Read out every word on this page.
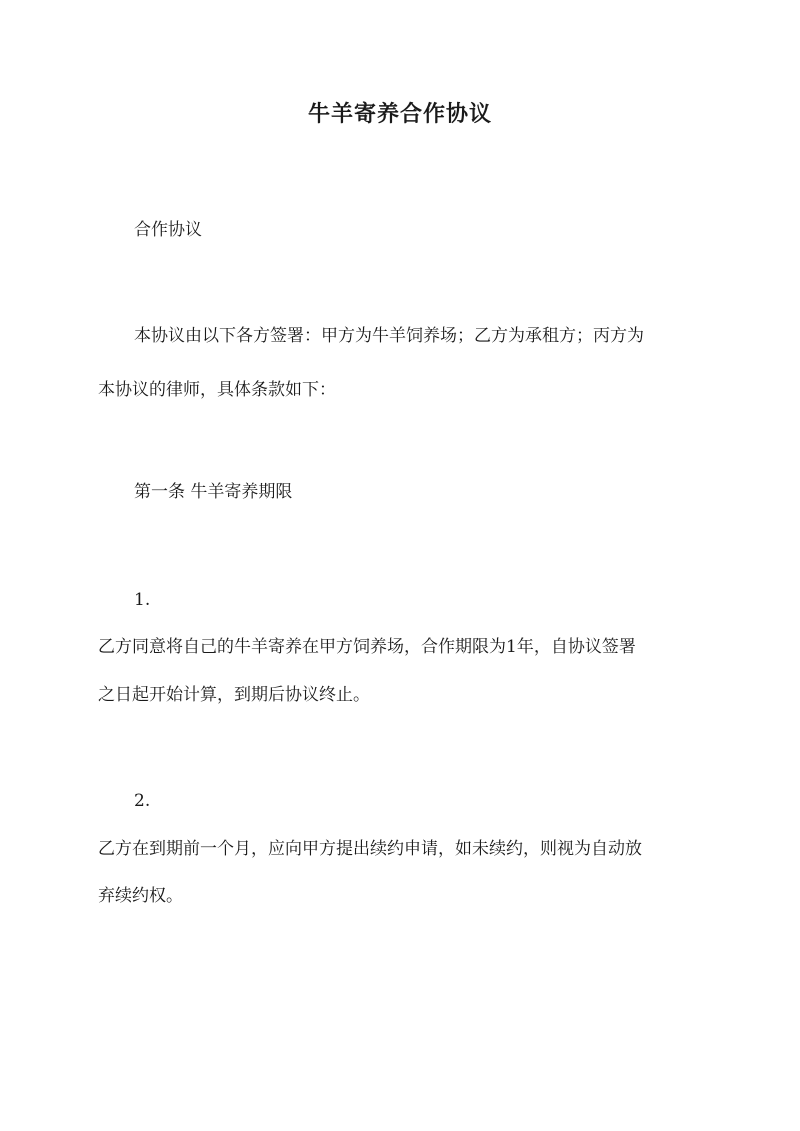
牛羊寄养合作协议
合作协议
本协议由以下各方签署：甲方为牛羊饲养场；乙方为承租方；丙方为
本协议的律师，具体条款如下：
第一条 牛羊寄养期限
1.
乙方同意将自己的牛羊寄养在甲方饲养场，合作期限为1年，自协议签署
之日起开始计算，到期后协议终止。
2.
乙方在到期前一个月，应向甲方提出续约申请，如未续约，则视为自动放
弃续约权。
